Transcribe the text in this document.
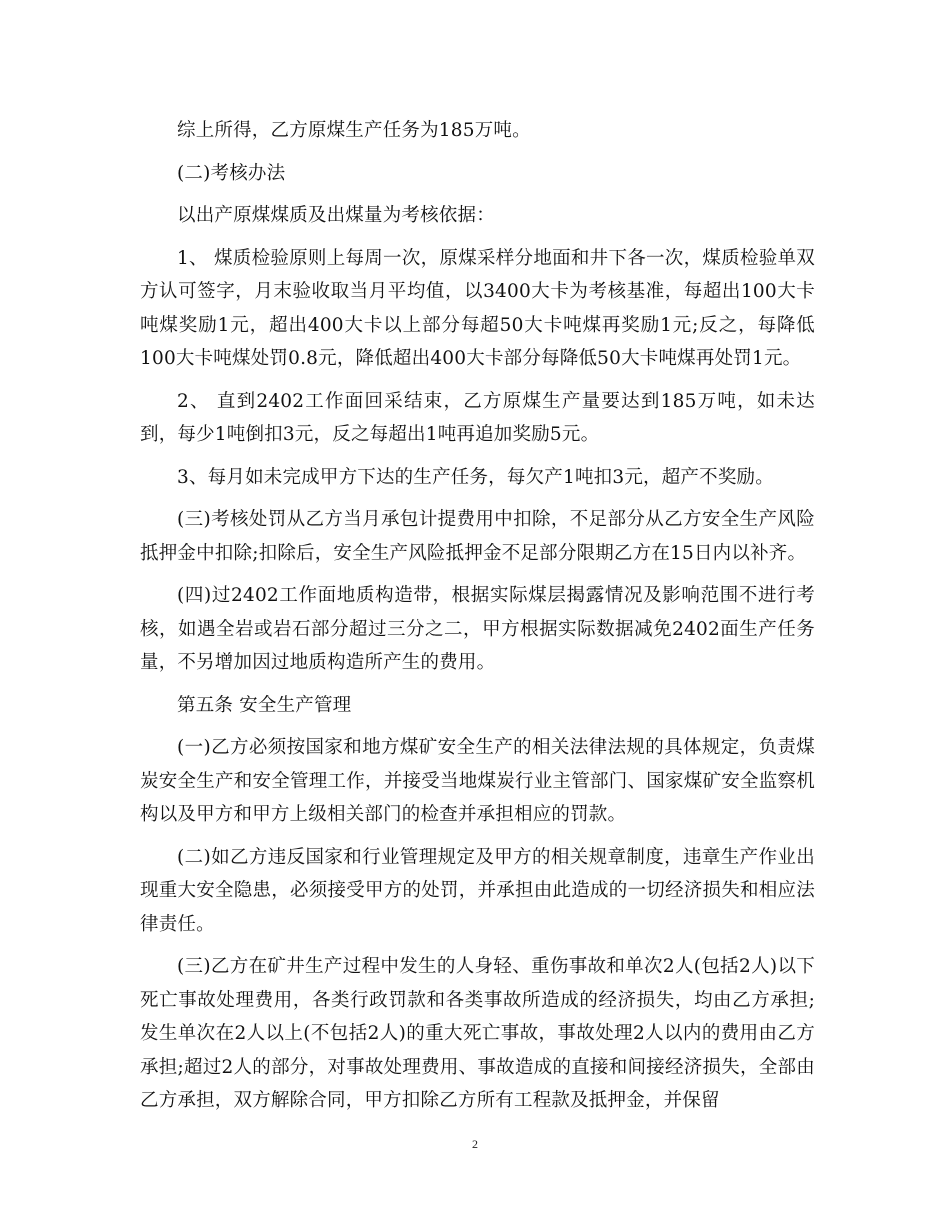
综上所得，乙方原煤生产任务为185万吨。

(二)考核办法

以出产原煤煤质及出煤量为考核依据：

1、 煤质检验原则上每周一次，原煤采样分地面和井下各一次，煤质检验单双方认可签字，月末验收取当月平均值，以3400大卡为考核基准，每超出100大卡吨煤奖励1元，超出400大卡以上部分每超50大卡吨煤再奖励1元;反之，每降低100大卡吨煤处罚0.8元，降低超出400大卡部分每降低50大卡吨煤再处罚1元。

2、 直到2402工作面回采结束，乙方原煤生产量要达到185万吨，如未达到，每少1吨倒扣3元，反之每超出1吨再追加奖励5元。

3、每月如未完成甲方下达的生产任务，每欠产1吨扣3元，超产不奖励。

(三)考核处罚从乙方当月承包计提费用中扣除，不足部分从乙方安全生产风险抵押金中扣除;扣除后，安全生产风险抵押金不足部分限期乙方在15日内以补齐。

(四)过2402工作面地质构造带，根据实际煤层揭露情况及影响范围不进行考核，如遇全岩或岩石部分超过三分之二，甲方根据实际数据减免2402面生产任务量，不另增加因过地质构造所产生的费用。

第五条 安全生产管理

(一)乙方必须按国家和地方煤矿安全生产的相关法律法规的具体规定，负责煤炭安全生产和安全管理工作，并接受当地煤炭行业主管部门、国家煤矿安全监察机构以及甲方和甲方上级相关部门的检查并承担相应的罚款。

(二)如乙方违反国家和行业管理规定及甲方的相关规章制度，违章生产作业出现重大安全隐患，必须接受甲方的处罚，并承担由此造成的一切经济损失和相应法律责任。

(三)乙方在矿井生产过程中发生的人身轻、重伤事故和单次2人(包括2人)以下死亡事故处理费用，各类行政罚款和各类事故所造成的经济损失，均由乙方承担;发生单次在2人以上(不包括2人)的重大死亡事故，事故处理2人以内的费用由乙方承担;超过2人的部分，对事故处理费用、事故造成的直接和间接经济损失，全部由乙方承担，双方解除合同，甲方扣除乙方所有工程款及抵押金，并保留

2
